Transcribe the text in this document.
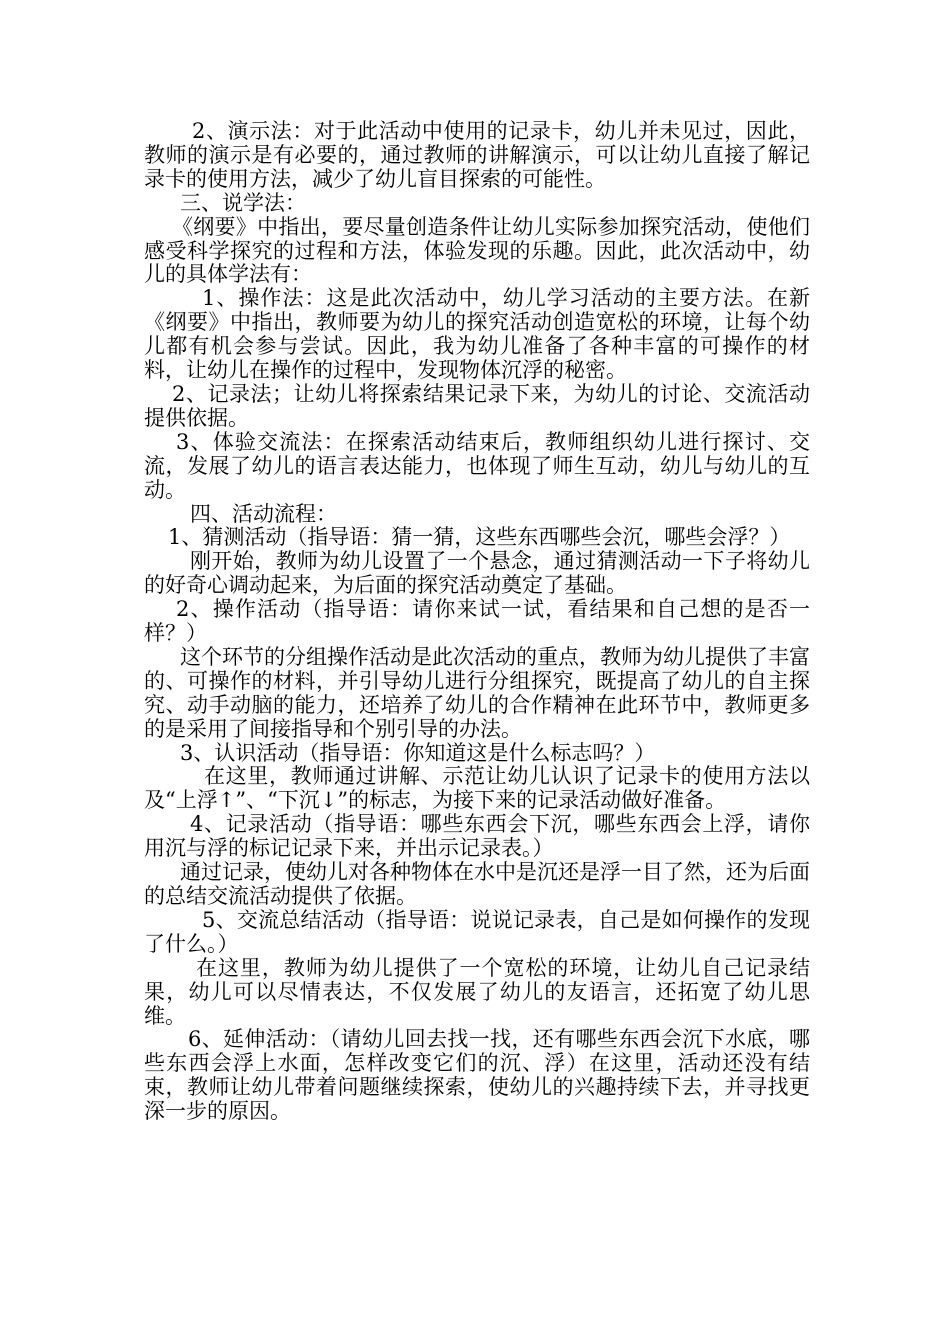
2、演示法：对于此活动中使用的记录卡，幼儿并未见过，因此，教师的演示是有必要的，通过教师的讲解演示，可以让幼儿直接了解记录卡的使用方法，减少了幼儿盲目探索的可能性。

三、说学法：

《纲要》中指出，要尽量创造条件让幼儿实际参加探究活动，使他们感受科学探究的过程和方法，体验发现的乐趣。因此，此次活动中，幼儿的具体学法有：

1、操作法：这是此次活动中，幼儿学习活动的主要方法。在新《纲要》中指出，教师要为幼儿的探究活动创造宽松的环境，让每个幼儿都有机会参与尝试。因此，我为幼儿准备了各种丰富的可操作的材料，让幼儿在操作的过程中，发现物体沉浮的秘密。

2、记录法；让幼儿将探索结果记录下来，为幼儿的讨论、交流活动提供依据。

3、体验交流法：在探索活动结束后，教师组织幼儿进行探讨、交流，发展了幼儿的语言表达能力，也体现了师生互动，幼儿与幼儿的互动。

四、活动流程：

1、猜测活动（指导语：猜一猜，这些东西哪些会沉，哪些会浮？）

刚开始，教师为幼儿设置了一个悬念，通过猜测活动一下子将幼儿的好奇心调动起来，为后面的探究活动奠定了基础。

2、操作活动（指导语：请你来试一试，看结果和自己想的是否一样？）

这个环节的分组操作活动是此次活动的重点，教师为幼儿提供了丰富的、可操作的材料，并引导幼儿进行分组探究，既提高了幼儿的自主探究、动手动脑的能力，还培养了幼儿的合作精神在此环节中，教师更多的是采用了间接指导和个别引导的办法。

3、认识活动（指导语：你知道这是什么标志吗？）

在这里，教师通过讲解、示范让幼儿认识了记录卡的使用方法以及“上浮↑”、“下沉↓”的标志，为接下来的记录活动做好准备。

4、记录活动（指导语：哪些东西会下沉，哪些东西会上浮，请你用沉与浮的标记记录下来，并出示记录表。）

通过记录，使幼儿对各种物体在水中是沉还是浮一目了然，还为后面的总结交流活动提供了依据。

5、交流总结活动（指导语：说说记录表，自己是如何操作的发现了什么。）

在这里，教师为幼儿提供了一个宽松的环境，让幼儿自己记录结果，幼儿可以尽情表达，不仅发展了幼儿的友语言，还拓宽了幼儿思维。

6、延伸活动：（请幼儿回去找一找，还有哪些东西会沉下水底，哪些东西会浮上水面，怎样改变它们的沉、浮）在这里，活动还没有结束，教师让幼儿带着问题继续探索，使幼儿的兴趣持续下去，并寻找更深一步的原因。
